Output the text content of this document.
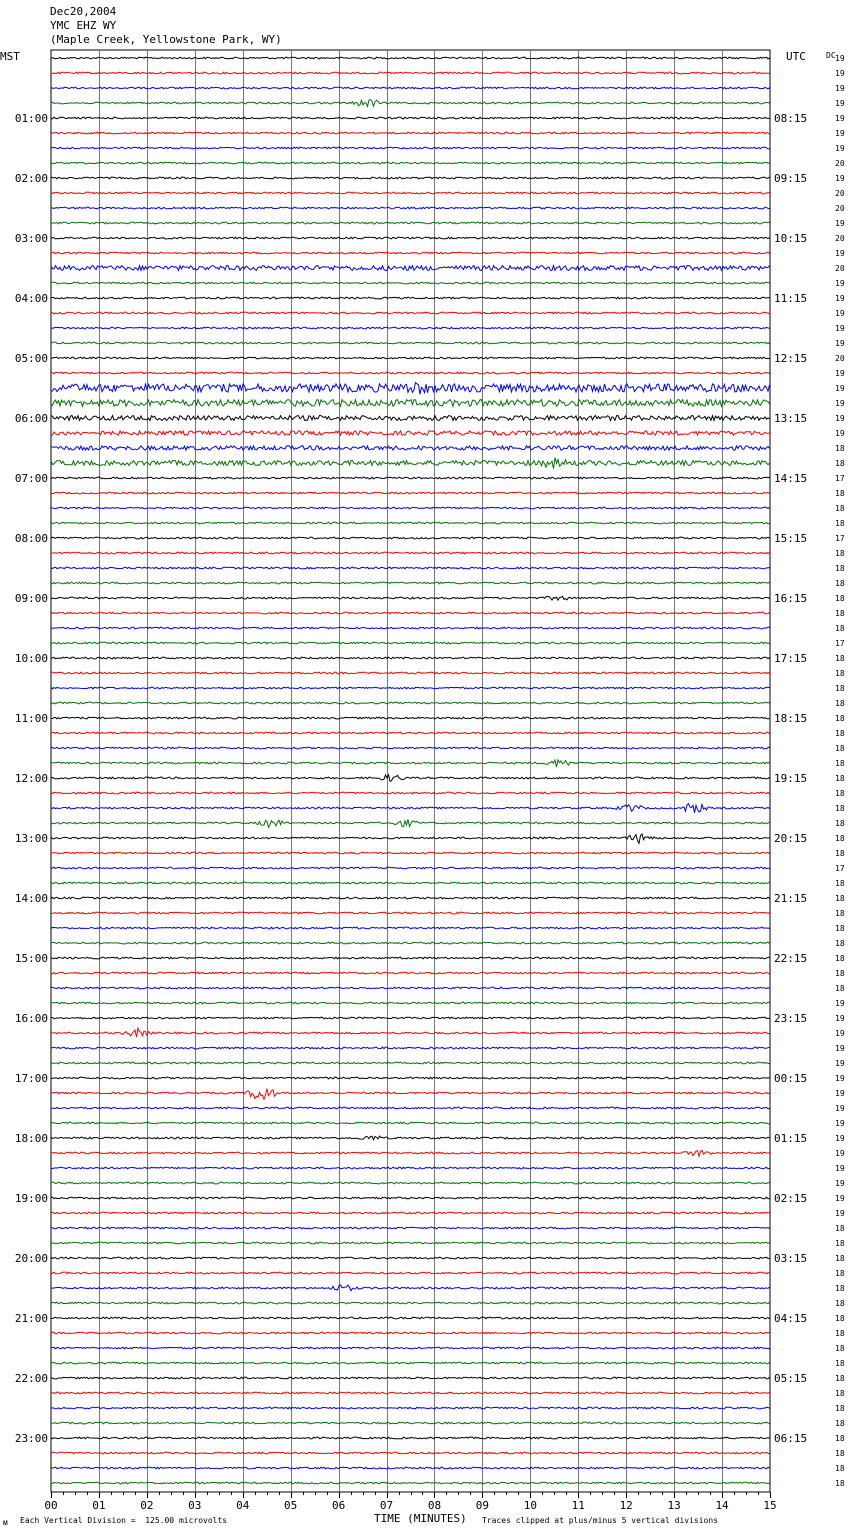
Dec20,2004
YMC EHZ WY
(Maple Creek, Yellowstone Park, WY)
MST	UTC	DC
00	01	02	03	04	05	06	07	08	09	10	11	12	13	14	15
19
19
19
19
19
19
19
20
19
20
20
19
20
19
20
19
19
19
19
19
20
19
19
19
19
19
18
18
17
18
18
18
17
18
18
18
18
18
18
17
18
18
18
18
18
18
18
18
18
18
18
18
18
18
17
18
18
18
18
18
18
18
18
19
19
19
19
19
19
19
19
19
19
19
19
19
19
19
18
18
18
18
18
18
18
18
18
18
18
18
18
18
18
18
18
18
01:00	08:15
02:00	09:15
03:00	10:15
04:00	11:15
05:00	12:15
06:00	13:15
07:00	14:15
08:00	15:15
09:00	16:15
10:00	17:15
11:00	18:15
12:00	19:15
13:00	20:15
14:00	21:15
15:00	22:15
16:00	23:15
17:00	00:15
18:00	01:15
19:00	02:15
20:00	03:15
21:00	04:15
22:00	05:15
23:00	06:15
ᴍ Each Vertical Division =  125.00 microvolts	TIME (MINUTES) Traces clipped at plus/minus 5 vertical divisions
